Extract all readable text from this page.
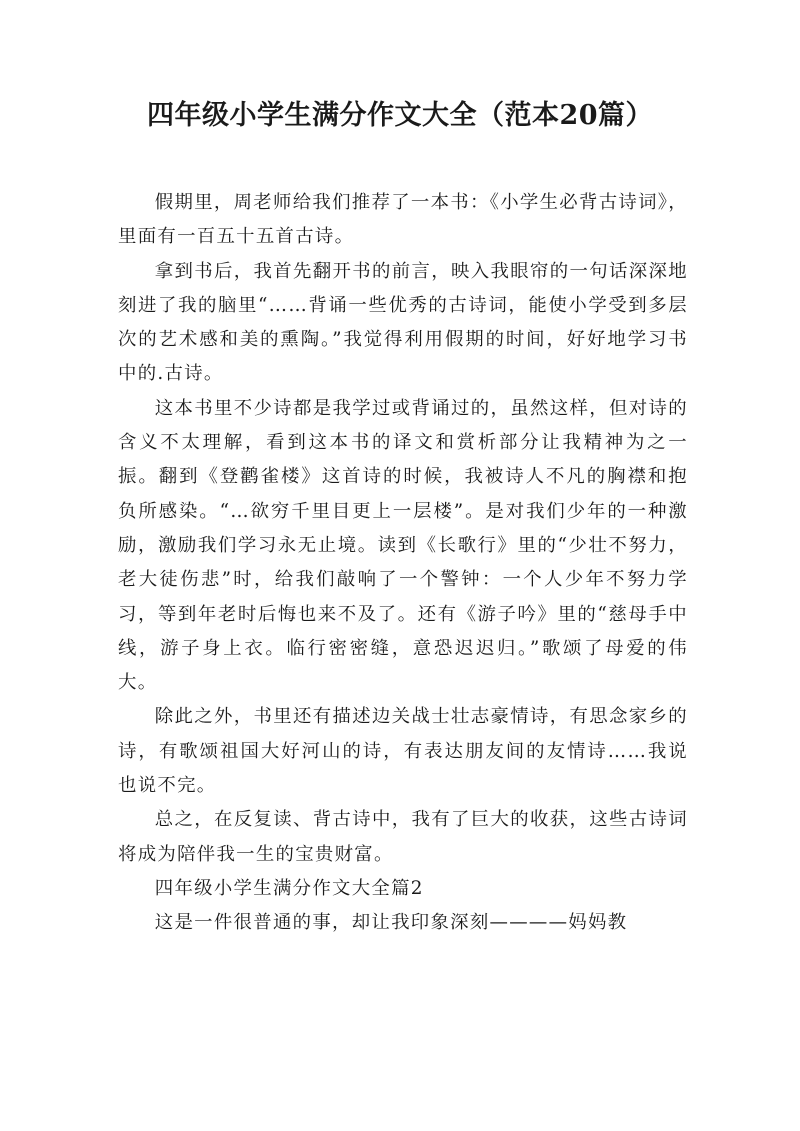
四年级小学生满分作文大全（范本20篇）

假期里，周老师给我们推荐了一本书：《小学生必背古诗词》，里面有一百五十五首古诗。

拿到书后，我首先翻开书的前言，映入我眼帘的一句话深深地刻进了我的脑里“……背诵一些优秀的古诗词，能使小学受到多层次的艺术感和美的熏陶。”我觉得利用假期的时间，好好地学习书中的.古诗。

这本书里不少诗都是我学过或背诵过的，虽然这样，但对诗的含义不太理解，看到这本书的译文和赏析部分让我精神为之一振。翻到《登鹳雀楼》这首诗的时候，我被诗人不凡的胸襟和抱负所感染。“…欲穷千里目更上一层楼”。是对我们少年的一种激励，激励我们学习永无止境。读到《长歌行》里的“少壮不努力，老大徒伤悲”时，给我们敲响了一个警钟：一个人少年不努力学习，等到年老时后悔也来不及了。还有《游子吟》里的“慈母手中线，游子身上衣。临行密密缝，意恐迟迟归。”歌颂了母爱的伟大。

除此之外，书里还有描述边关战士壮志豪情诗，有思念家乡的诗，有歌颂祖国大好河山的诗，有表达朋友间的友情诗……我说也说不完。

总之，在反复读、背古诗中，我有了巨大的收获，这些古诗词将成为陪伴我一生的宝贵财富。

四年级小学生满分作文大全篇2

这是一件很普通的事，却让我印象深刻————妈妈教
